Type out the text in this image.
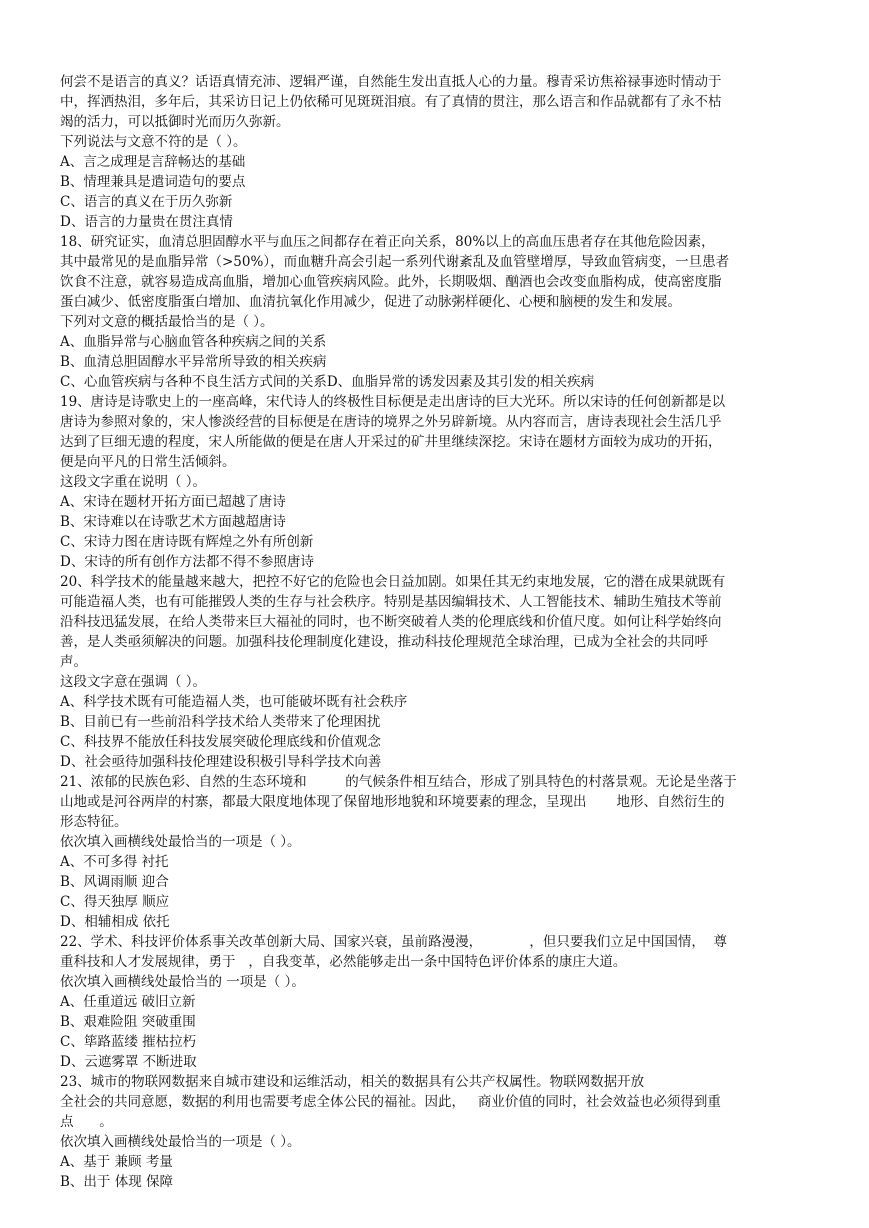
何尝不是语言的真义？话语真情充沛、逻辑严谨，自然能生发出直抵人心的力量。穆青采访焦裕禄事迹时情动于
中，挥洒热泪，多年后，其采访日记上仍依稀可见斑斑泪痕。有了真情的贯注，那么语言和作品就都有了永不枯
竭的活力，可以抵御时光而历久弥新。
下列说法与文意不符的是（ ）。
A、言之成理是言辞畅达的基础
B、情理兼具是遣词造句的要点
C、语言的真义在于历久弥新
D、语言的力量贵在贯注真情
18、研究证实，血清总胆固醇水平与血压之间都存在着正向关系，80%以上的高血压患者存在其他危险因素，
其中最常见的是血脂异常（>50%），而血糖升高会引起一系列代谢紊乱及血管壁增厚，导致血管病变，一旦患者
饮食不注意，就容易造成高血脂，增加心血管疾病风险。此外，长期吸烟、酗酒也会改变血脂构成，使高密度脂
蛋白减少、低密度脂蛋白增加、血清抗氧化作用减少，促进了动脉粥样硬化、心梗和脑梗的发生和发展。
下列对文意的概括最恰当的是（ ）。
A、血脂异常与心脑血管各种疾病之间的关系
B、血清总胆固醇水平异常所导致的相关疾病
C、心血管疾病与各种不良生活方式间的关系D、血脂异常的诱发因素及其引发的相关疾病
19、唐诗是诗歌史上的一座高峰，宋代诗人的终极性目标便是走出唐诗的巨大光环。所以宋诗的任何创新都是以
唐诗为参照对象的，宋人惨淡经营的目标便是在唐诗的境界之外另辟新境。从内容而言，唐诗表现社会生活几乎
达到了巨细无遗的程度，宋人所能做的便是在唐人开采过的矿井里继续深挖。宋诗在题材方面较为成功的开拓，
便是向平凡的日常生活倾斜。
这段文字重在说明（ ）。
A、宋诗在题材开拓方面已超越了唐诗
B、宋诗难以在诗歌艺术方面越超唐诗
C、宋诗力图在唐诗既有辉煌之外有所创新
D、宋诗的所有创作方法都不得不参照唐诗
20、科学技术的能量越来越大，把控不好它的危险也会日益加剧。如果任其无约束地发展，它的潜在成果就既有
可能造福人类，也有可能摧毁人类的生存与社会秩序。特别是基因编辑技术、人工智能技术、辅助生殖技术等前
沿科技迅猛发展，在给人类带来巨大福祉的同时，也不断突破着人类的伦理底线和价值尺度。如何让科学始终向
善，是人类亟须解决的问题。加强科技伦理制度化建设，推动科技伦理规范全球治理，已成为全社会的共同呼
声。
这段文字意在强调（ ）。
A、科学技术既有可能造福人类，也可能破坏既有社会秩序
B、目前已有一些前沿科学技术给人类带来了伦理困扰
C、科技界不能放任科技发展突破伦理底线和价值观念
D、社会亟待加强科技伦理建设积极引导科学技术向善
21、浓郁的民族色彩、自然的生态环境和         的气候条件相互结合，形成了别具特色的村落景观。无论是坐落于
山地或是河谷两岸的村寨，都最大限度地体现了保留地形地貌和环境要素的理念，呈现出       地形、自然衍生的
形态特征。
依次填入画横线处最恰当的一项是（ ）。
A、不可多得 衬托
B、风调雨顺 迎合
C、得天独厚 顺应
D、相辅相成 依托
22、学术、科技评价体系事关改革创新大局、国家兴衰，虽前路漫漫，           ，但只要我们立足中国国情，  尊
重科技和人才发展规律，勇于   ，自我变革，必然能够走出一条中国特色评价体系的康庄大道。
依次填入画横线处最恰当的 一项是（ ）。
A、任重道远 破旧立新
B、艰难险阻 突破重围
C、筚路蓝缕 摧枯拉朽
D、云遮雾罩 不断进取
23、城市的物联网数据来自城市建设和运维活动，相关的数据具有公共产权属性。物联网数据开放
全社会的共同意愿，数据的利用也需要考虑全体公民的福祉。因此，   商业价值的同时，社会效益也必须得到重
点      。
依次填入画横线处最恰当的一项是（ ）。
A、基于 兼顾 考量
B、出于 体现 保障
